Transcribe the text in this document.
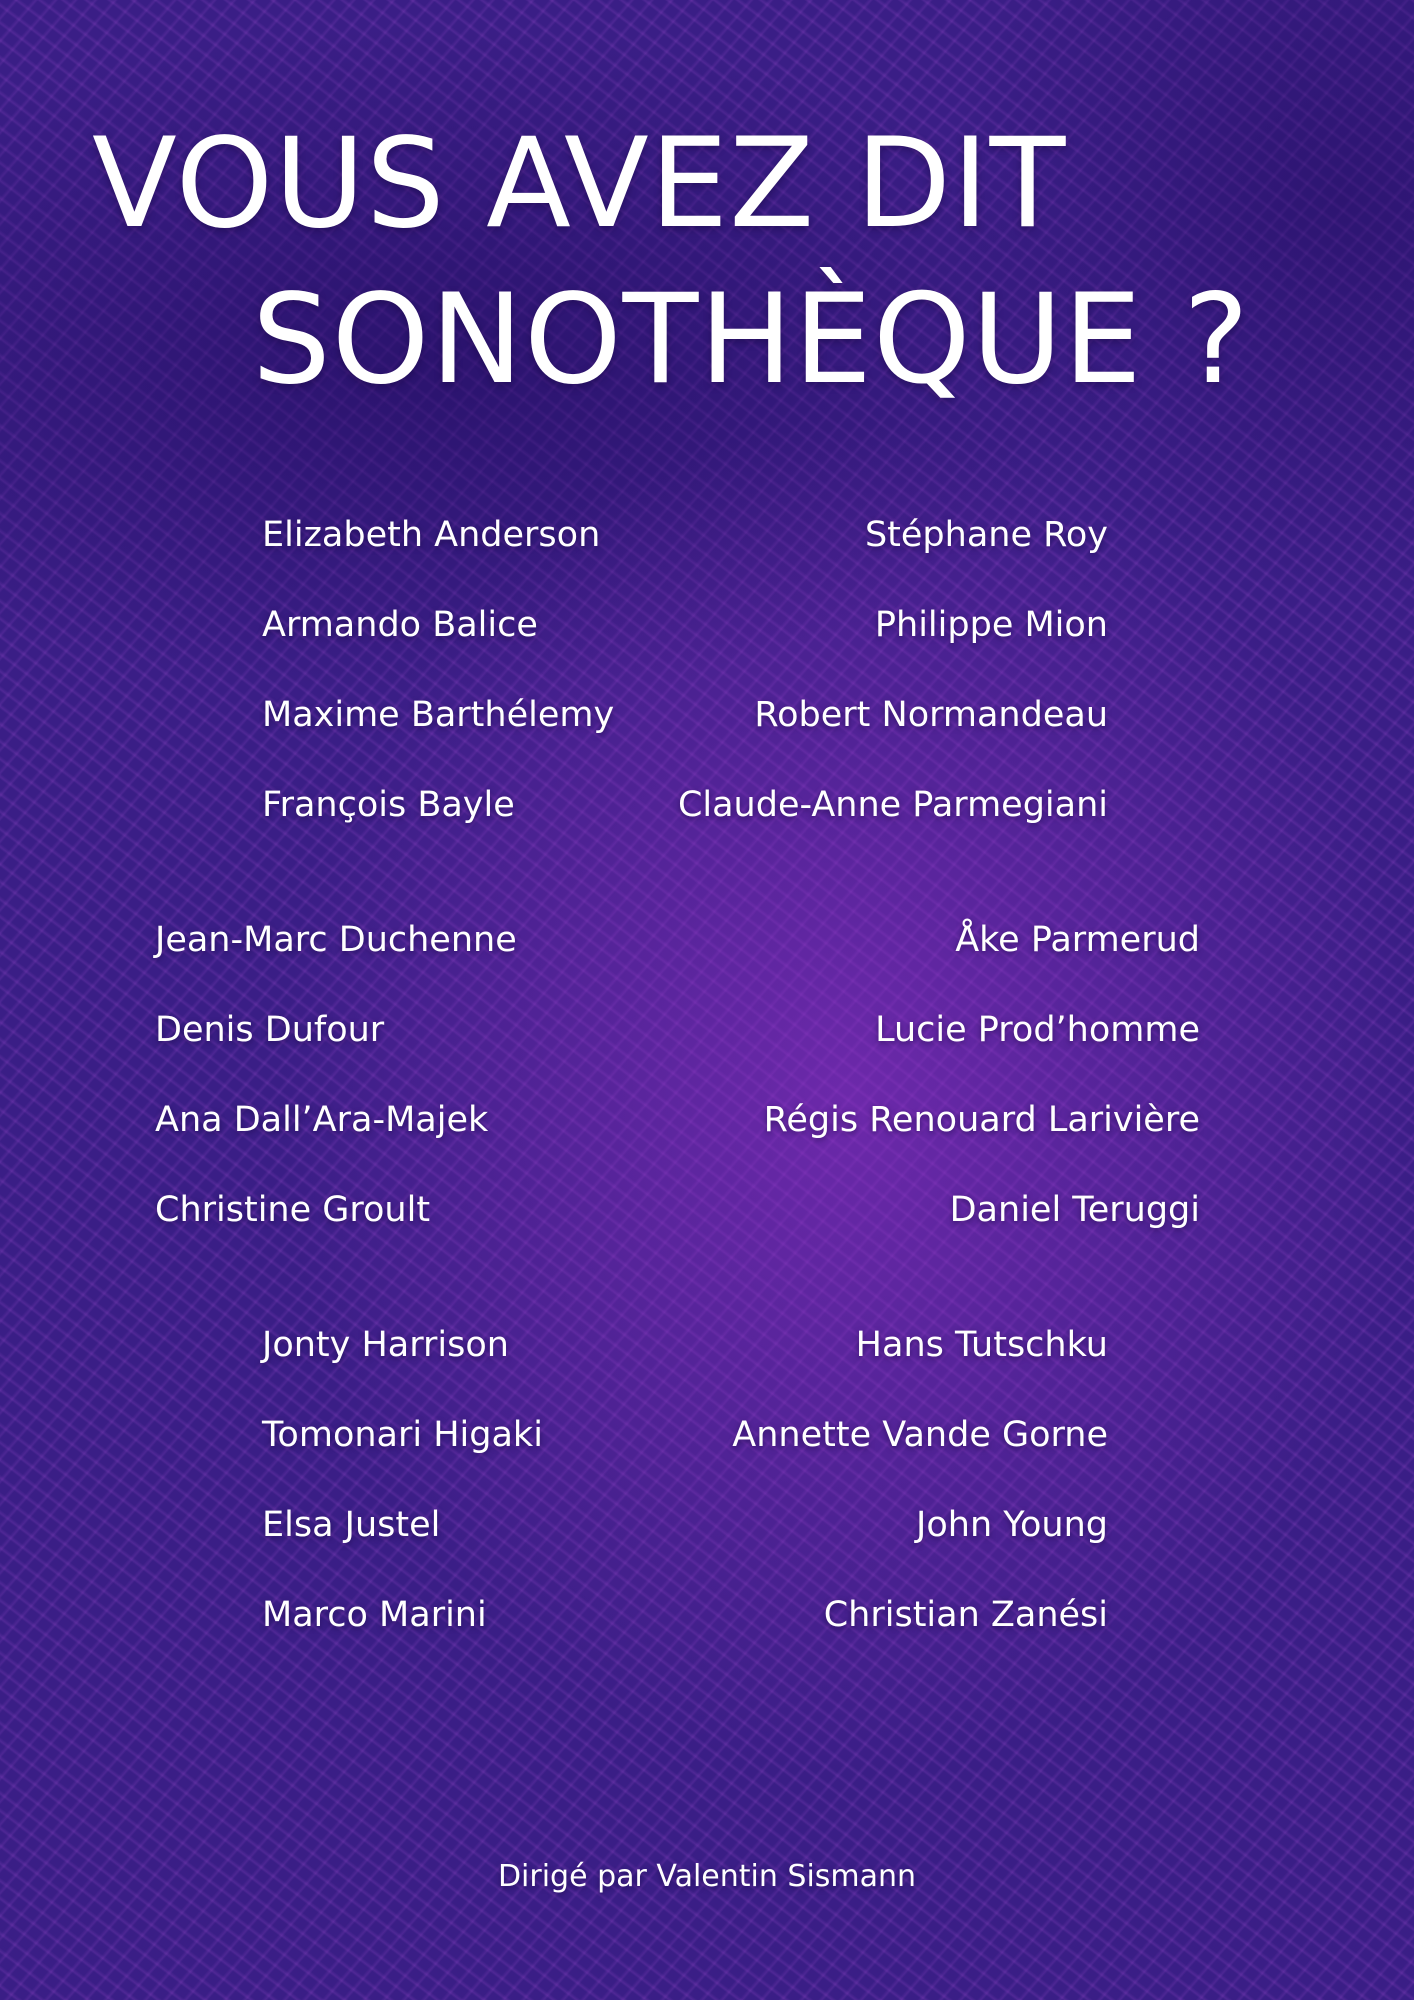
VOUS AVEZ DIT
SONOTHÈQUE ?

Elizabeth Anderson

Armando Balice

Maxime Barthélemy

François Bayle

Stéphane Roy

Philippe Mion

Robert Normandeau

Claude-Anne Parmegiani

Jean-Marc Duchenne

Denis Dufour

Ana Dall’Ara-Majek

Christine Groult

Åke Parmerud

Lucie Prod’homme

Régis Renouard Larivière

Daniel Teruggi

Jonty Harrison

Tomonari Higaki

Elsa Justel

Marco Marini

Hans Tutschku

Annette Vande Gorne

John Young

Christian Zanési

Dirigé par Valentin Sismann
